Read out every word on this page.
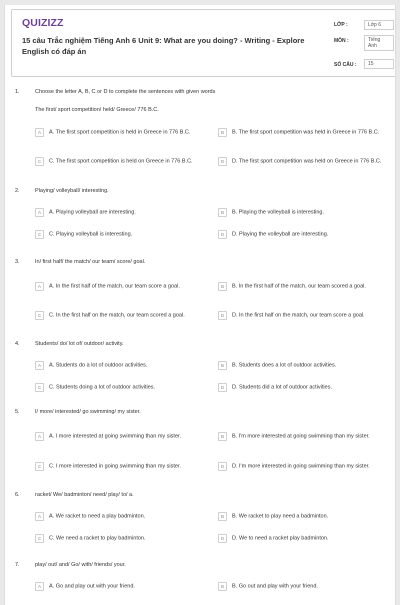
QUIZIZZ
15 câu Trắc nghiệm Tiếng Anh 6 Unit 9: What are you doing? - Writing - Explore English có đáp án
LỚP :	Lớp 6
MÔN :	Tiếng Anh
SỐ CÂU :	15
1.	Choose the letter A, B, C or D to complete the sentences with given words
The first/ sport competition/ held/ Greece/ 776 B.C.
A	A. The first sport competition is held in Greece in 776 B.C.	B	B. The first sport competition was held in Greece in 776 B.C.
C	C. The first sport competition is held on Greece in 776 B.C.	D	D. The first sport competition was held on Greece in 776 B.C.
2.	Playing/ volleyball/ interesting.
A	A. Playing volleyball are interesting.	B	B. Playing the volleyball is interesting.
C	C. Playing volleyball is interesting.	D	D. Playing the volleyball are interesting.
3.	In/ first half/ the match/ our team/ score/ goal.
A	A. In the first half of the match, our team score a goal.	B	B. In the first half of the match, our team scored a goal.
C	C. In the first half on the match, our team scored a goal.	D	D. In the first half on the match, our team score a goal.
4.	Students/ do/ lot of/ outdoor/ activity.
A	A. Students do a lot of outdoor activities.	B	B. Students does a lot of outdoor activities.
C	C. Students doing a lot of outdoor activities.	D	D. Students did a lot of outdoor activities.
5.	I/ more/ interested/ go swimming/ my sister.
A	A. I more interested at going swimming than my sister.	B	B. I'm more interested at going swimming than my sister.
C	C. I more interested in going swimming than my sister.	D	D. I'm more interested in going swimming than my sister.
6.	racket/ We/ badminton/ need/ play/ to/ a.
A	A. We racket to need a play badminton.	B	B. We racket to play need a badminton.
C	C. We need a racket to play badminton.	D	D. We to need a racket play badminton.
7.	play/ out/ and/ Go/ with/ friends/ your.
A	A. Go and play out with your friend.	B	B. Go out and play with your friend.
